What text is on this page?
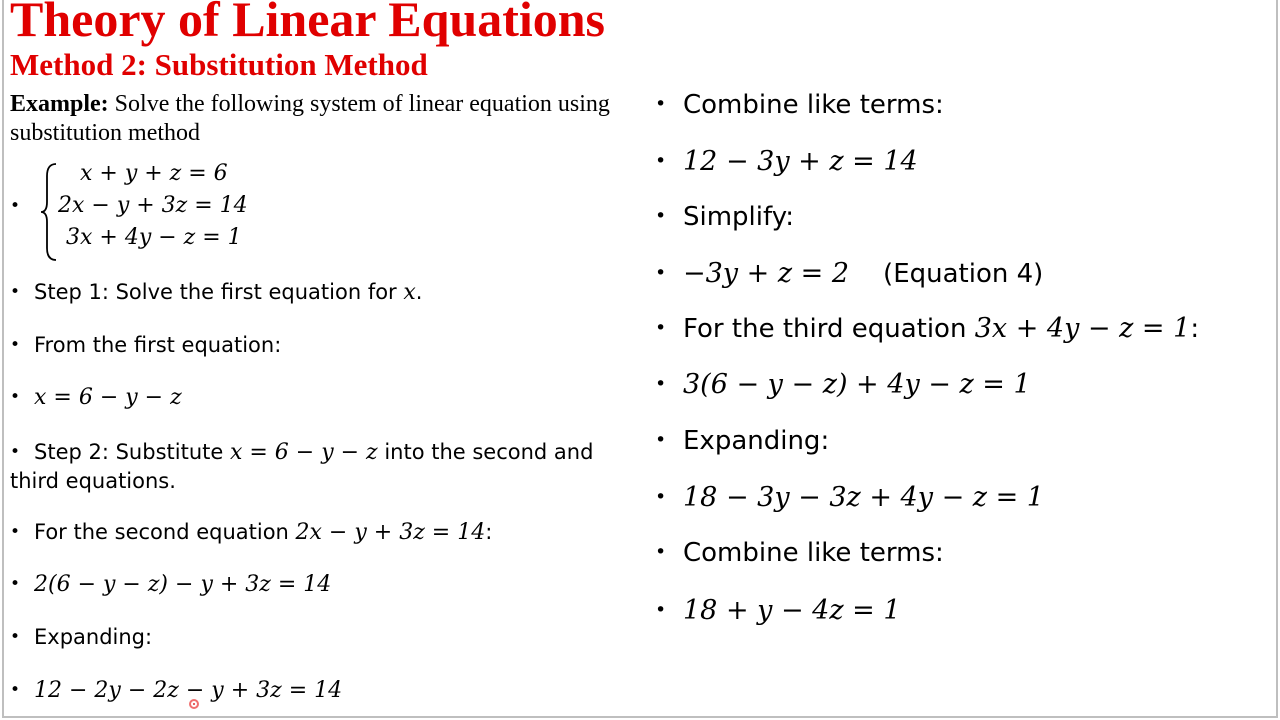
Theory of Linear Equations
Method 2: Substitution Method
Example: Solve the following system of linear equation using substitution method
•
x + y + z = 6
2x − y + 3z = 14
3x + 4y − z = 1
• Step 1: Solve the first equation for x.
• From the first equation:
• x = 6 − y − z
• Step 2: Substitute x = 6 − y − z into the second and third equations.
• For the second equation 2x − y + 3z = 14:
• 2(6 − y − z) − y + 3z = 14
• Expanding:
• 12 − 2y − 2z − y + 3z = 14
• Combine like terms:
• 12 − 3y + z = 14
• Simplify:
• −3y + z = 2 (Equation 4)
• For the third equation 3x + 4y − z = 1:
• 3(6 − y − z) + 4y − z = 1
• Expanding:
• 18 − 3y − 3z + 4y − z = 1
• Combine like terms:
• 18 + y − 4z = 1
